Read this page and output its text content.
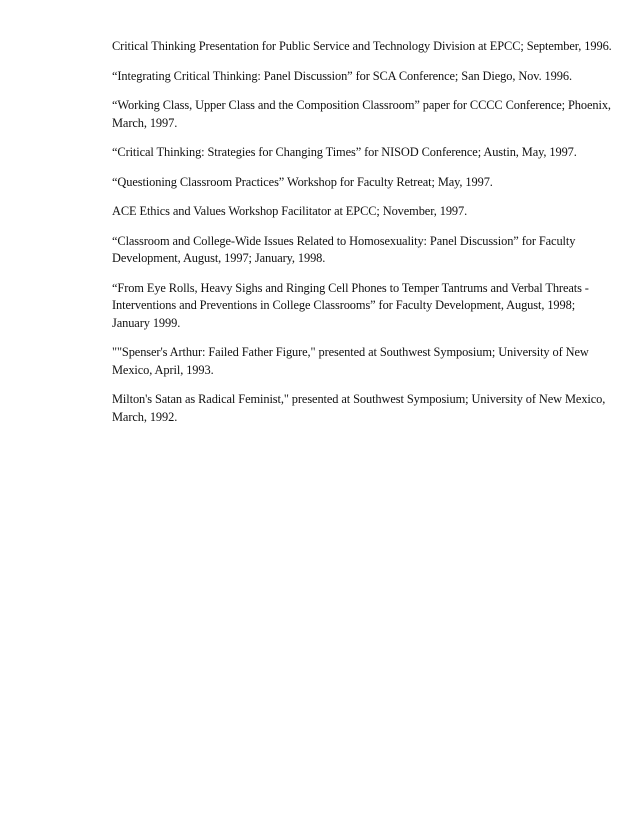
Critical Thinking Presentation for Public Service and Technology Division at EPCC; September, 1996.

“Integrating Critical Thinking: Panel Discussion” for SCA Conference; San Diego, Nov. 1996.

“Working Class, Upper Class and the Composition Classroom” paper for CCCC Conference; Phoenix, March, 1997.

“Critical Thinking: Strategies for Changing Times” for NISOD Conference; Austin, May, 1997.

“Questioning Classroom Practices” Workshop for Faculty Retreat; May, 1997.

ACE Ethics and Values Workshop Facilitator at EPCC; November, 1997.

“Classroom and College-Wide Issues Related to Homosexuality: Panel Discussion” for Faculty Development, August, 1997; January, 1998.

“From Eye Rolls, Heavy Sighs and Ringing Cell Phones to Temper Tantrums and Verbal Threats - Interventions and Preventions in College Classrooms” for Faculty Development, August, 1998; January 1999.

""Spenser's Arthur: Failed Father Figure," presented at Southwest Symposium; University of New Mexico, April, 1993.

Milton's Satan as Radical Feminist," presented at Southwest Symposium; University of New Mexico, March, 1992.
